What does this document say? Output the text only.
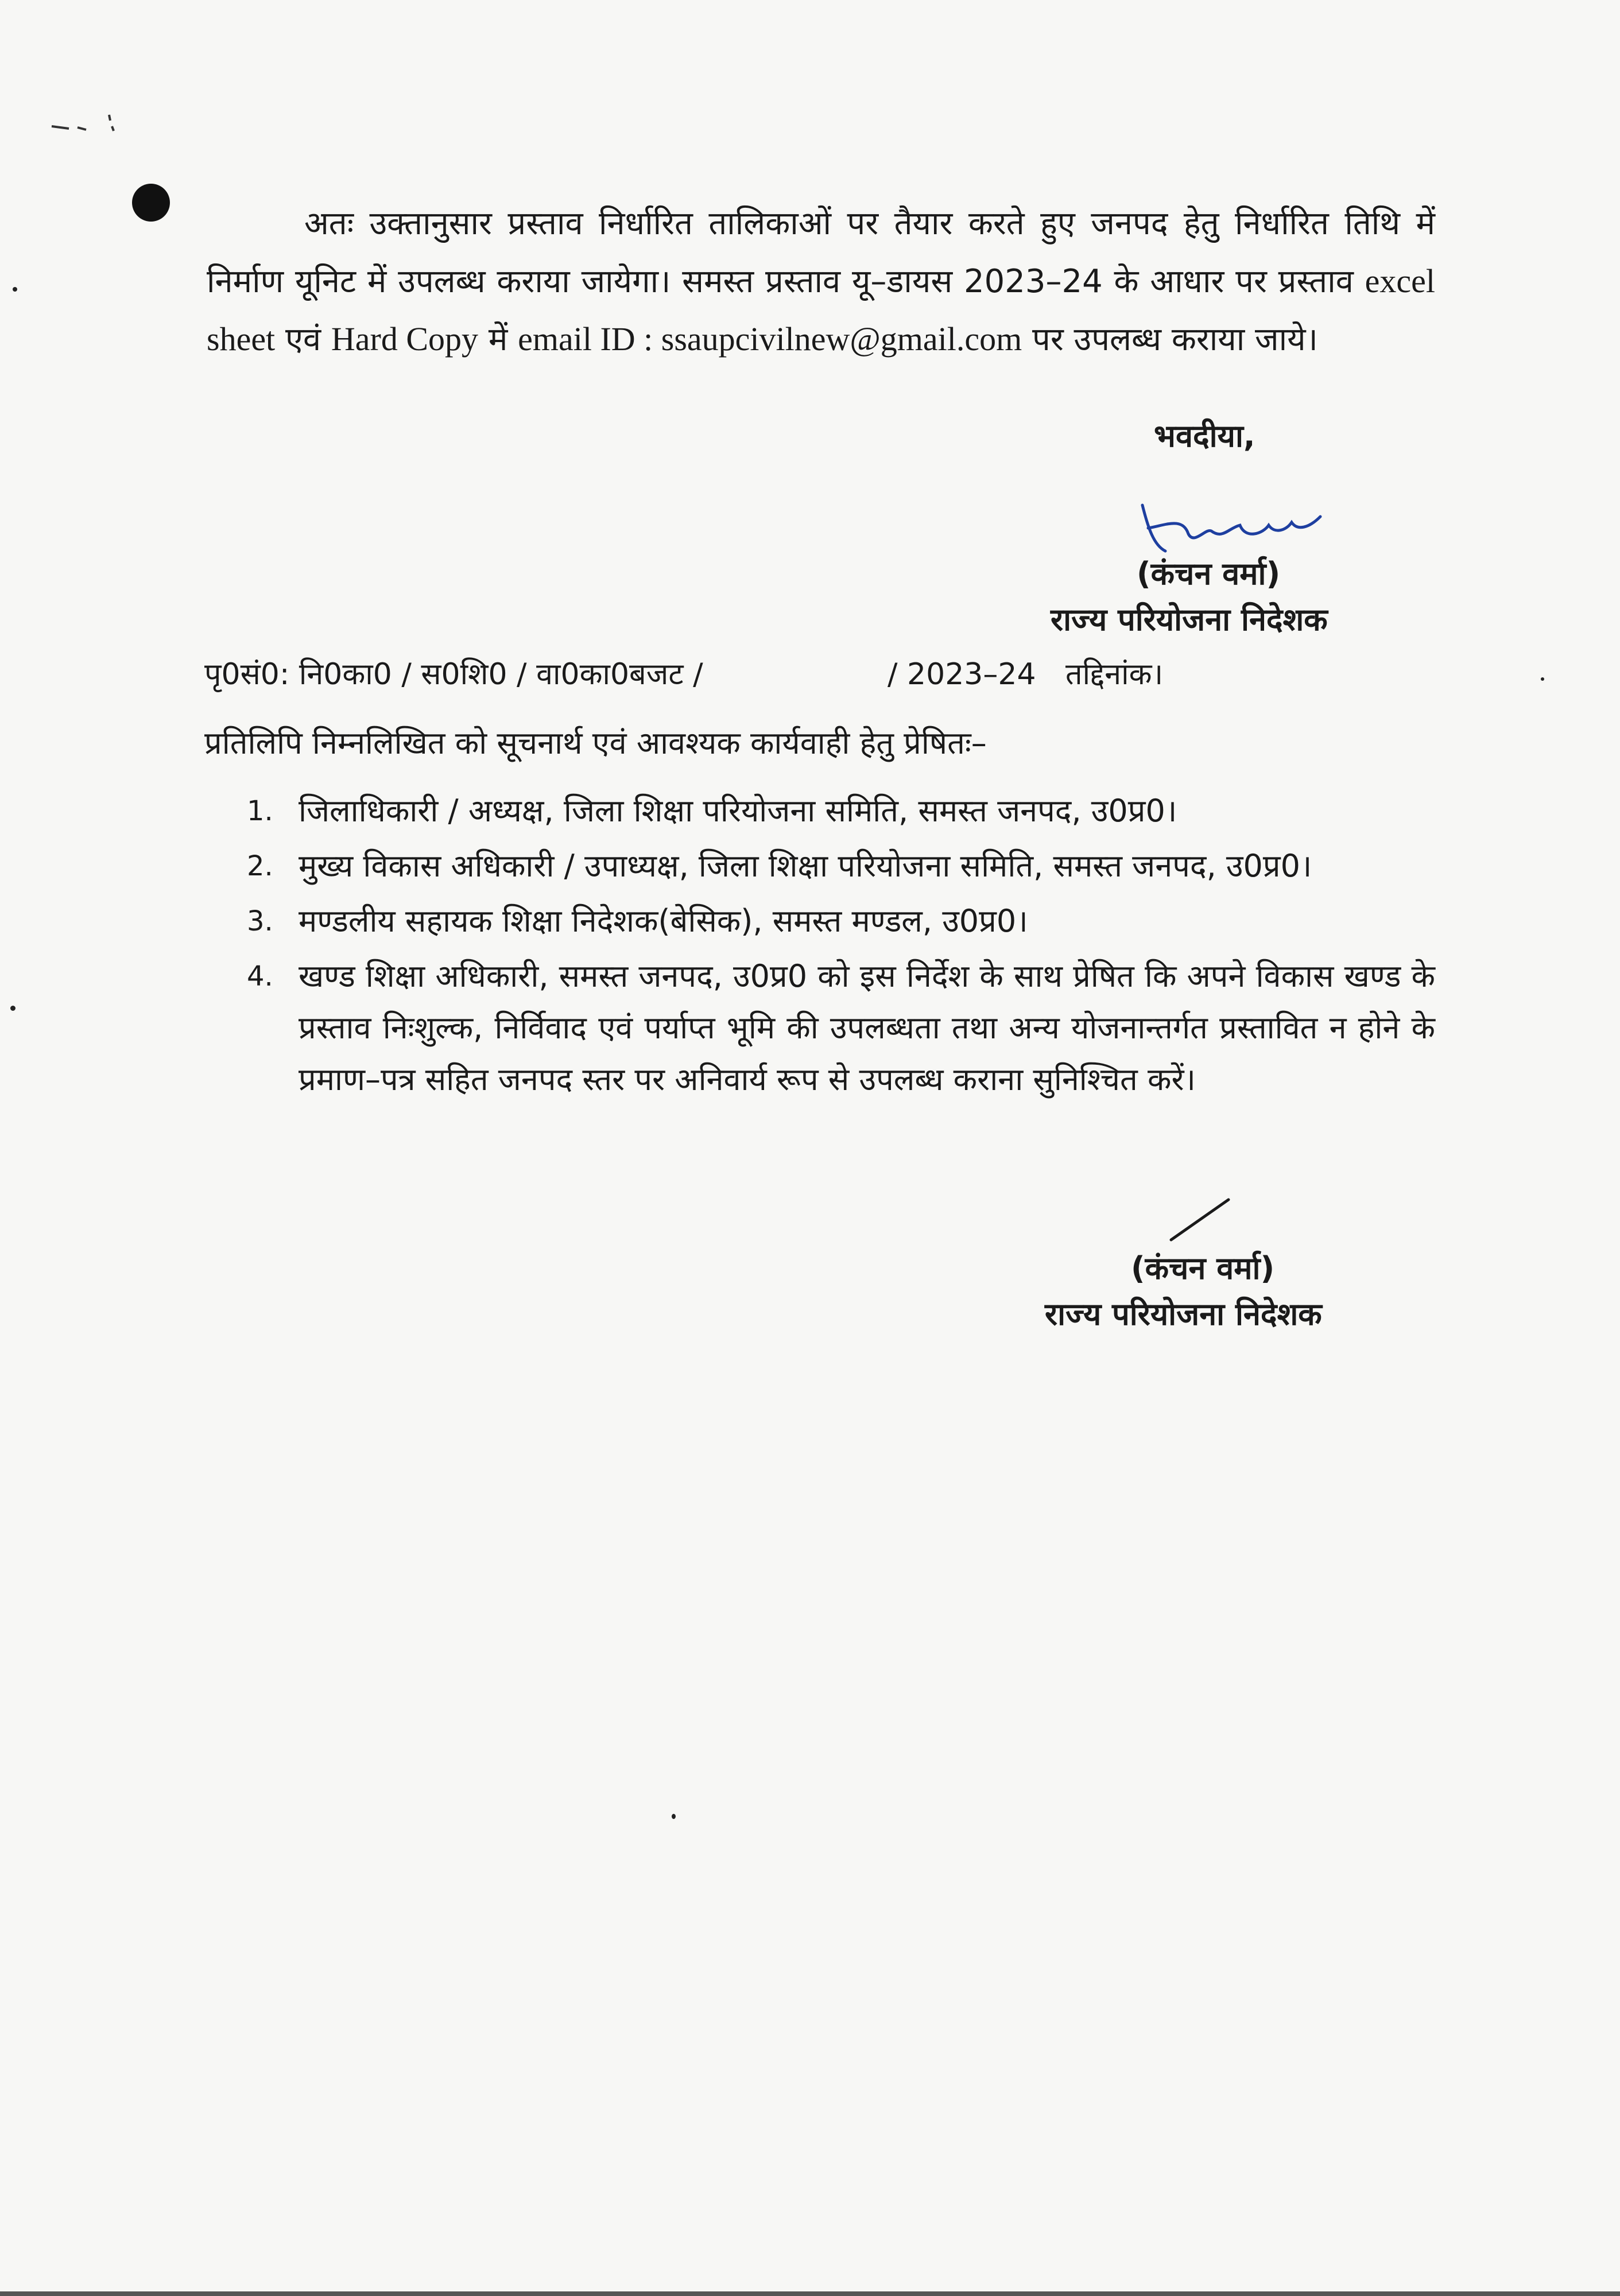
अतः उक्तानुसार प्रस्ताव निर्धारित तालिकाओं पर तैयार करते हुए जनपद हेतु निर्धारित तिथि में निर्माण यूनिट में उपलब्ध कराया जायेगा। समस्त प्रस्ताव यू–डायस 2023–24 के आधार पर प्रस्ताव excel sheet एवं Hard Copy में email ID : ssaupcivilnew@gmail.com पर उपलब्ध कराया जाये।

भवदीया,
(कंचन वर्मा)
राज्य परियोजना निदेशक
पृ0सं0: नि0का0 / स0शि0 / वा0का0बजट /	/ 2023–24 तद्दिनांक।
प्रतिलिपि निम्नलिखित को सूचनार्थ एवं आवश्यक कार्यवाही हेतु प्रेषितः–
1. जिलाधिकारी / अध्यक्ष, जिला शिक्षा परियोजना समिति, समस्त जनपद, उ0प्र0।
2. मुख्य विकास अधिकारी / उपाध्यक्ष, जिला शिक्षा परियोजना समिति, समस्त जनपद, उ0प्र0।
3. मण्डलीय सहायक शिक्षा निदेशक(बेसिक), समस्त मण्डल, उ0प्र0।
4. खण्ड शिक्षा अधिकारी, समस्त जनपद, उ0प्र0 को इस निर्देश के साथ प्रेषित कि अपने विकास खण्ड के प्रस्ताव निःशुल्क, निर्विवाद एवं पर्याप्त भूमि की उपलब्धता तथा अन्य योजनान्तर्गत प्रस्तावित न होने के प्रमाण–पत्र सहित जनपद स्तर पर अनिवार्य रूप से उपलब्ध कराना सुनिश्चित करें।
(कंचन वर्मा)
राज्य परियोजना निदेशक
